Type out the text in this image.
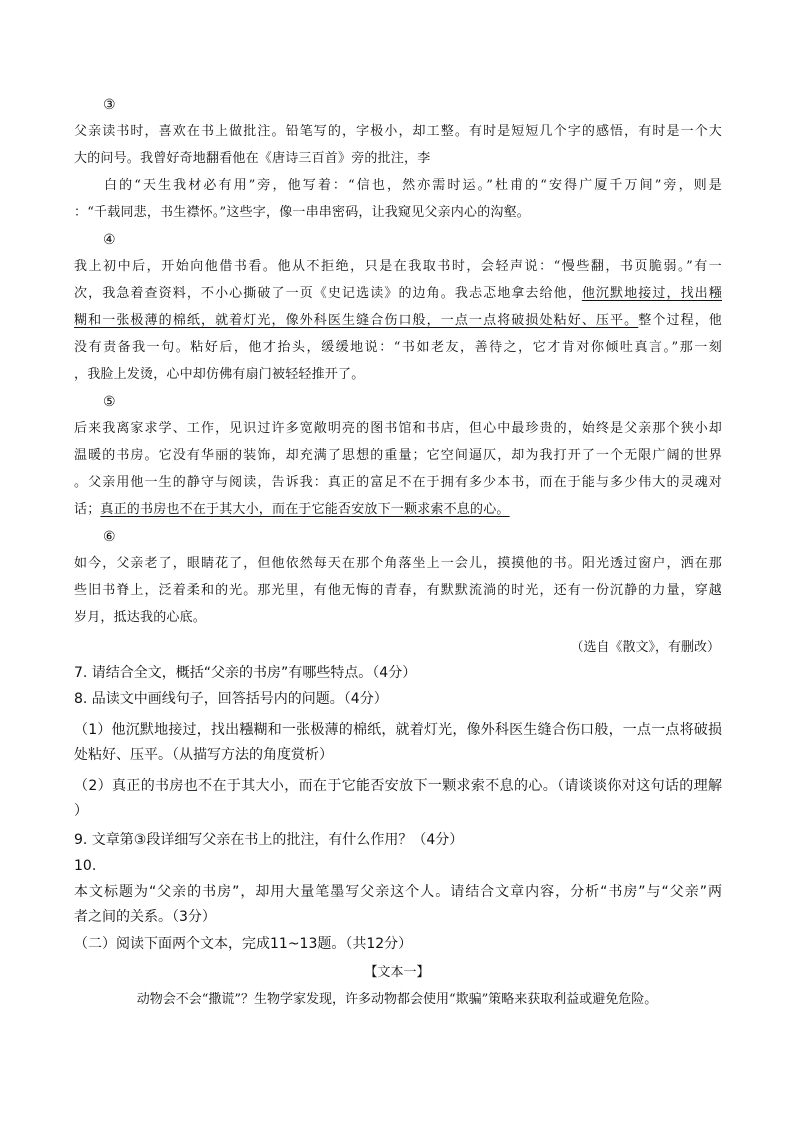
③
父亲读书时，喜欢在书上做批注。铅笔写的，字极小，却工整。有时是短短几个字的感悟，有时是一个大
大的问号。我曾好奇地翻看他在《唐诗三百首》旁的批注，李
白的“天生我材必有用”旁，他写着：“信也，然亦需时运。”杜甫的“安得广厦千万间”旁，则是
：“千载同悲，书生襟怀。”这些字，像一串串密码，让我窥见父亲内心的沟壑。
④
我上初中后，开始向他借书看。他从不拒绝，只是在我取书时，会轻声说：“慢些翻，书页脆弱。”有一
次，我急着查资料，不小心撕破了一页《史记选读》的边角。我忐忑地拿去给他，他沉默地接过，找出糨
糊和一张极薄的棉纸，就着灯光，像外科医生缝合伤口般，一点一点将破损处粘好、压平。整个过程，他
没有责备我一句。粘好后，他才抬头，缓缓地说：“书如老友，善待之，它才肯对你倾吐真言。”那一刻
，我脸上发烫，心中却仿佛有扇门被轻轻推开了。
⑤
后来我离家求学、工作，见识过许多宽敞明亮的图书馆和书店，但心中最珍贵的，始终是父亲那个狭小却
温暖的书房。它没有华丽的装饰，却充满了思想的重量；它空间逼仄，却为我打开了一个无限广阔的世界
。父亲用他一生的静守与阅读，告诉我：真正的富足不在于拥有多少本书，而在于能与多少伟大的灵魂对
话；真正的书房也不在于其大小，而在于它能否安放下一颗求索不息的心。
⑥
如今，父亲老了，眼睛花了，但他依然每天在那个角落坐上一会儿，摸摸他的书。阳光透过窗户，洒在那
些旧书脊上，泛着柔和的光。那光里，有他无悔的青春，有默默流淌的时光，还有一份沉静的力量，穿越
岁月，抵达我的心底。
（选自《散文》，有删改）
7. 请结合全文，概括“父亲的书房”有哪些特点。（4分）
8. 品读文中画线句子，回答括号内的问题。（4分）
（1）他沉默地接过，找出糨糊和一张极薄的棉纸，就着灯光，像外科医生缝合伤口般，一点一点将破损
处粘好、压平。（从描写方法的角度赏析）
（2）真正的书房也不在于其大小，而在于它能否安放下一颗求索不息的心。（请谈谈你对这句话的理解
）
9. 文章第③段详细写父亲在书上的批注，有什么作用？（4分）
10.
本文标题为“父亲的书房”，却用大量笔墨写父亲这个人。请结合文章内容，分析“书房”与“父亲”两
者之间的关系。（3分）
（二）阅读下面两个文本，完成11~13题。（共12分）
【文本一】
动物会不会“撒谎”？生物学家发现，许多动物都会使用“欺骗”策略来获取利益或避免危险。
